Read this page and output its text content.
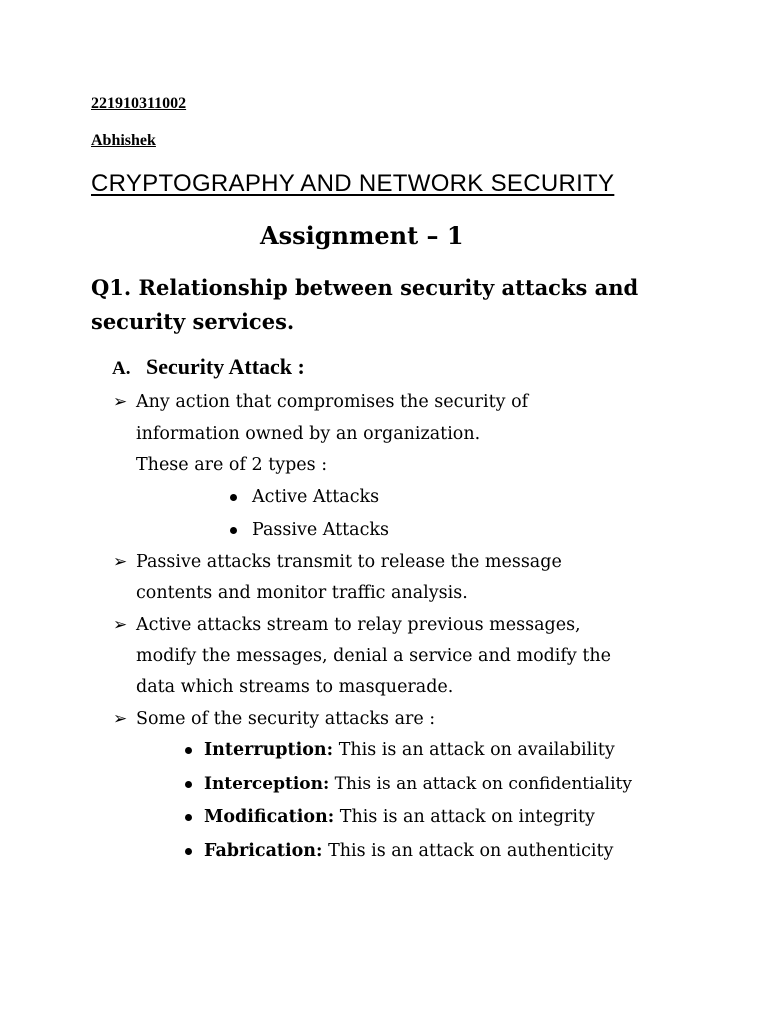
221910311002
Abhishek
CRYPTOGRAPHY AND NETWORK SECURITY
Assignment – 1
Q1. Relationship between security attacks and
security services.
A. Security Attack :
➢ Any action that compromises the security of
information owned by an organization.
These are of 2 types :
Active Attacks
Passive Attacks
➢ Passive attacks transmit to release the message
contents and monitor traffic analysis.
➢ Active attacks stream to relay previous messages,
modify the messages, denial a service and modify the
data which streams to masquerade.
➢ Some of the security attacks are :
Interruption: This is an attack on availability
Interception: This is an attack on confidentiality
Modification: This is an attack on integrity
Fabrication: This is an attack on authenticity
